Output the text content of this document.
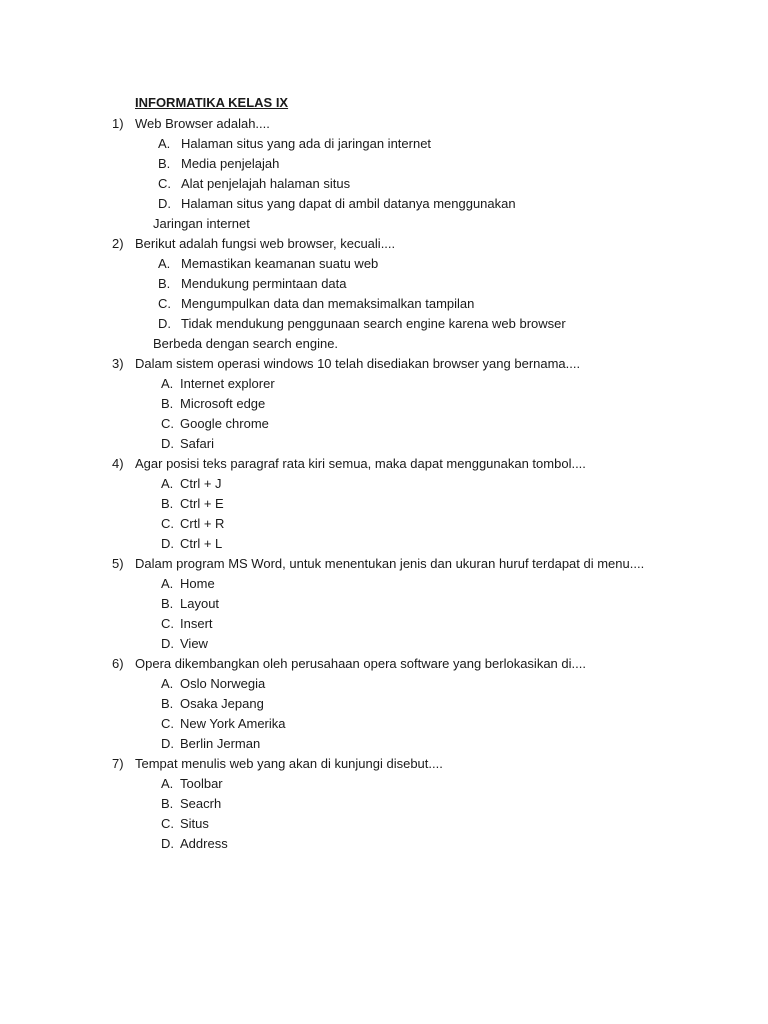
INFORMATIKA KELAS IX
1) Web Browser adalah....
A. Halaman situs yang ada di jaringan internet
B. Media penjelajah
C. Alat penjelajah halaman situs
D. Halaman situs yang dapat di ambil datanya menggunakan
Jaringan internet
2) Berikut adalah fungsi web browser, kecuali....
A. Memastikan keamanan suatu web
B. Mendukung permintaan data
C. Mengumpulkan data dan memaksimalkan tampilan
D. Tidak mendukung penggunaan search engine karena web browser
Berbeda dengan search engine.
3) Dalam sistem operasi windows 10 telah disediakan browser yang bernama....
A. Internet explorer
B. Microsoft edge
C. Google chrome
D. Safari
4) Agar posisi teks paragraf rata kiri semua, maka dapat menggunakan tombol....
A. Ctrl + J
B. Ctrl + E
C. Crtl + R
D. Ctrl + L
5) Dalam program MS Word, untuk menentukan jenis dan ukuran huruf terdapat di menu....
A. Home
B. Layout
C. Insert
D. View
6) Opera dikembangkan oleh perusahaan opera software yang berlokasikan di....
A. Oslo Norwegia
B. Osaka Jepang
C. New York Amerika
D. Berlin Jerman
7) Tempat menulis web yang akan di kunjungi disebut....
A. Toolbar
B. Seacrh
C. Situs
D. Address
